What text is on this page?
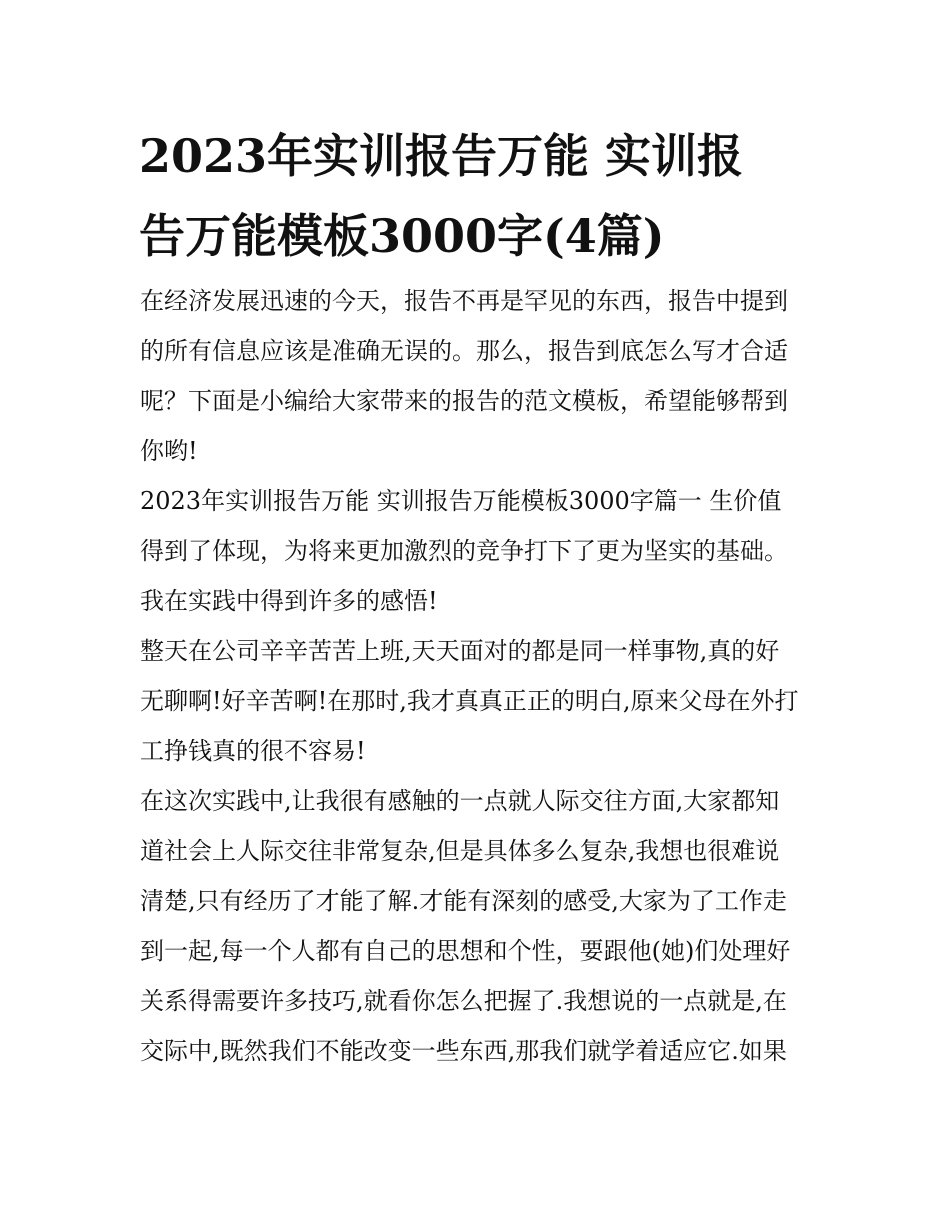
2023年实训报告万能 实训报
告万能模板3000字(4篇)

在经济发展迅速的今天，报告不再是罕见的东西，报告中提到
的所有信息应该是准确无误的。那么，报告到底怎么写才合适
呢？下面是小编给大家带来的报告的范文模板，希望能够帮到
你哟!

2023年实训报告万能 实训报告万能模板3000字篇一 生价值
得到了体现，为将来更加激烈的竞争打下了更为坚实的基础。
我在实践中得到许多的感悟!

整天在公司辛辛苦苦上班,天天面对的都是同一样事物,真的好
无聊啊!好辛苦啊!在那时,我才真真正正的明白,原来父母在外打
工挣钱真的很不容易!

在这次实践中,让我很有感触的一点就人际交往方面,大家都知
道社会上人际交往非常复杂,但是具体多么复杂,我想也很难说
清楚,只有经历了才能了解.才能有深刻的感受,大家为了工作走
到一起,每一个人都有自己的思想和个性，要跟他(她)们处理好
关系得需要许多技巧,就看你怎么把握了.我想说的一点就是,在
交际中,既然我们不能改变一些东西,那我们就学着适应它.如果
